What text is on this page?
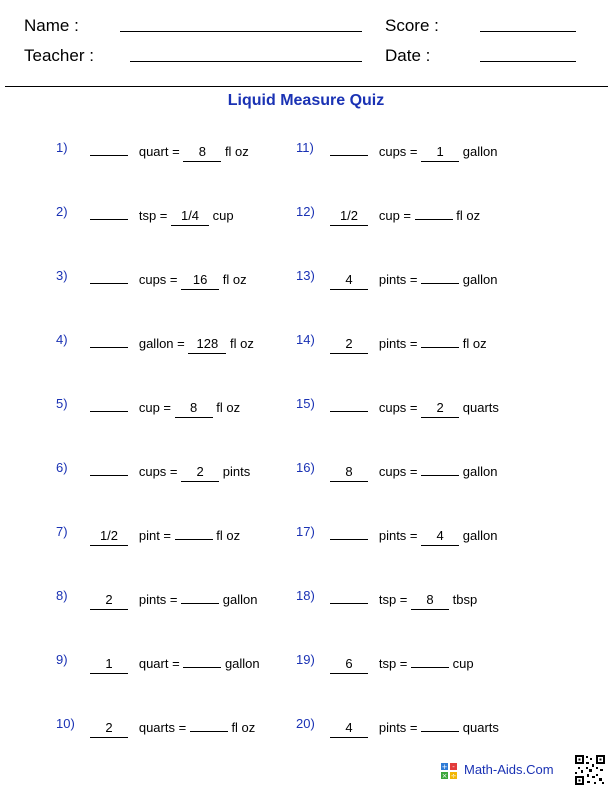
Name :	Score :
Teacher :	Date :
Liquid Measure Quiz
1)	quart = 8 fl oz
2)	tsp = 1/4 cup
3)	cups = 16 fl oz
4)	gallon = 128 fl oz
5)	cup = 8 fl oz
6)	cups = 2 pints
7)	1/2 pint =	fl oz
8)	2 pints =	gallon
9)	1 quart =	gallon
10)	2 quarts =	fl oz
11)	cups = 1 gallon
12)	1/2 cup =	fl oz
13)	4 pints =	gallon
14)	2 pints =	fl oz
15)	cups = 2 quarts
16)	8 cups =	gallon
17)	pints = 4 gallon
18)	tsp = 8 tbsp
19)	6 tsp =	cup
20)	4 pints =	quarts
+ -
× ÷ Math-Aids.Com
